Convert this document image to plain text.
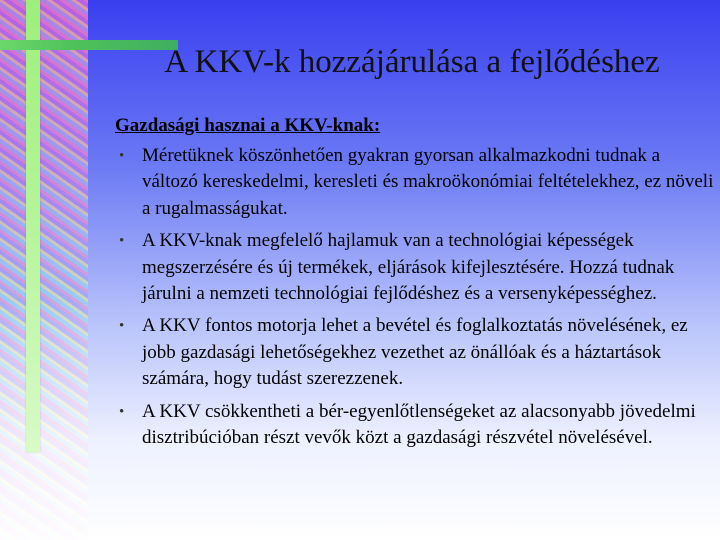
A KKV-k hozzájárulása a fejlődéshez

Gazdasági hasznai a KKV-knak:

• Méretüknek köszönhetően gyakran gyorsan alkalmazkodni tudnak a változó kereskedelmi, keresleti és makroökonómiai feltételekhez, ez növeli a rugalmasságukat.
• A KKV-knak megfelelő hajlamuk van a technológiai képességek megszerzésére és új termékek, eljárások kifejlesztésére. Hozzá tudnak járulni a nemzeti technológiai fejlődéshez és a versenyképességhez.
• A KKV fontos motorja lehet a bevétel és foglalkoztatás növelésének, ez jobb gazdasági lehetőségekhez vezethet az önállóak és a háztartások számára, hogy tudást szerezzenek.
• A KKV csökkentheti a bér-egyenlőtlenségeket az alacsonyabb jövedelmi disztribúcióban részt vevők közt a gazdasági részvétel növelésével.
